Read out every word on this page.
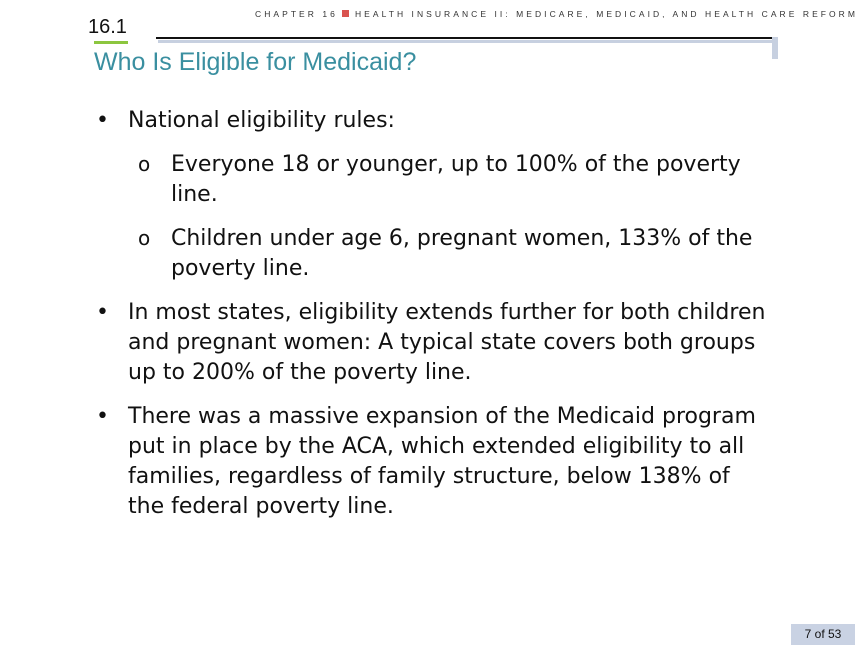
CHAPTER 16 HEALTH INSURANCE II: MEDICARE, MEDICAID, AND HEALTH CARE REFORM
16.1
Who Is Eligible for Medicaid?
• National eligibility rules:
o Everyone 18 or younger, up to 100% of the poverty line.
o Children under age 6, pregnant women, 133% of the poverty line.
• In most states, eligibility extends further for both children and pregnant women: A typical state covers both groups up to 200% of the poverty line.
• There was a massive expansion of the Medicaid program put in place by the ACA, which extended eligibility to all families, regardless of family structure, below 138% of the federal poverty line.
7 of 53
